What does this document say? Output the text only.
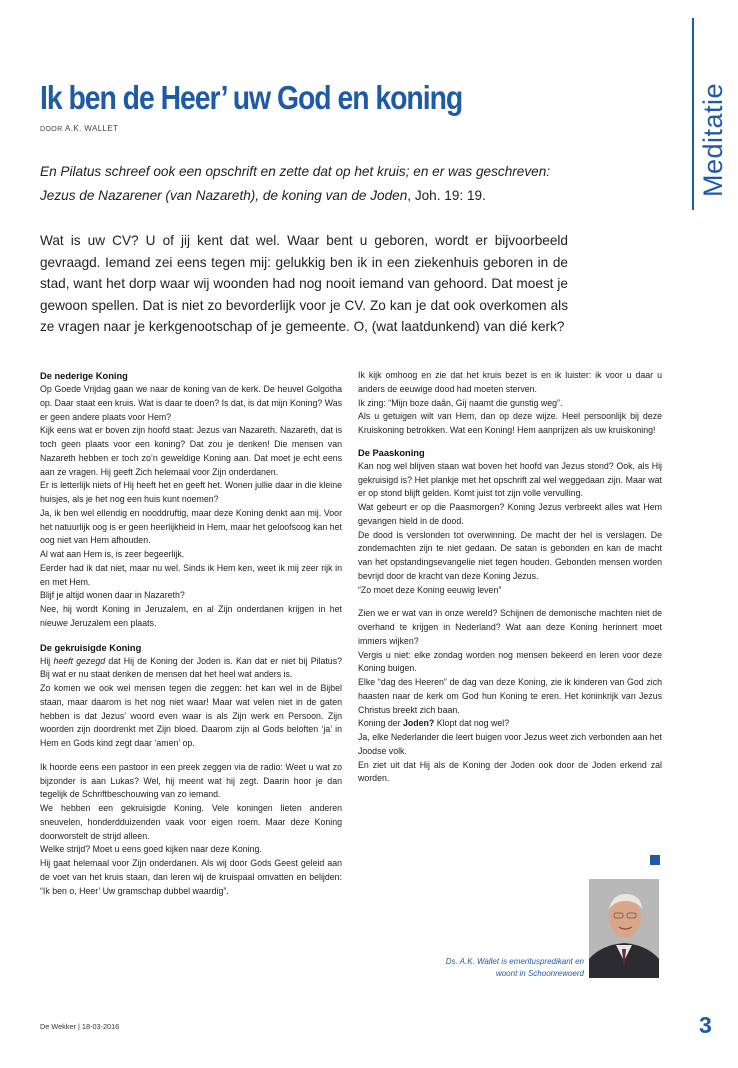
Meditatie
Ik ben de Heer’ uw God en koning
DOOR A.K. WALLET

En Pilatus schreef ook een opschrift en zette dat op het kruis; en er was geschreven: Jezus de Nazarener (van Nazareth), de koning van de Joden, Joh. 19: 19.

Wat is uw CV? U of jij kent dat wel. Waar bent u geboren, wordt er bijvoorbeeld gevraagd. Iemand zei eens tegen mij: gelukkig ben ik in een ziekenhuis geboren in de stad, want het dorp waar wij woonden had nog nooit iemand van gehoord. Dat moest je gewoon spellen. Dat is niet zo bevorderlijk voor je CV. Zo kan je dat ook overkomen als ze vragen naar je kerkgenootschap of je gemeente. O, (wat laatdunkend) van dié kerk?

De nederige Koning

Op Goede Vrijdag gaan we naar de koning van de kerk. De heuvel Golgotha op. Daar staat een kruis. Wat is daar te doen? Is dat, is dat mijn Koning? Was er geen andere plaats voor Hem?

Kijk eens wat er boven zijn hoofd staat: Jezus van Nazareth. Nazareth, dat is toch geen plaats voor een koning? Dat zou je denken! Die mensen van Nazareth hebben er toch zo’n geweldige Koning aan. Dat moet je echt eens aan ze vragen. Hij geeft Zich helemaal voor Zijn onderdanen.

Er is letterlijk niets of Hij heeft het en geeft het. Wonen jullie daar in die kleine huisjes, als je het nog een huis kunt noemen?

Ja, ik ben wel ellendig en nooddruftig, maar deze Koning denkt aan mij. Voor het natuurlijk oog is er geen heerlijkheid in Hem, maar het geloofsoog kan het oog niet van Hem afhouden.

Al wat aan Hem is, is zeer begeerlijk.

Eerder had ik dat niet, maar nu wel. Sinds ik Hem ken, weet ik mij zeer rijk in en met Hem.

Blijf je altijd wonen daar in Nazareth?

Nee, hij wordt Koning in Jeruzalem, en al Zijn onderdanen krijgen in het nieuwe Jeruzalem een plaats.

De gekruisigde Koning

Hij heeft gezegd dat Hij de Koning der Joden is. Kan dat er niet bij Pilatus? Bij wat er nu staat denken de mensen dat het heel wat anders is.

Zo komen we ook wel mensen tegen die zeggen: het kan wel in de Bijbel staan, maar daarom is het nog niet waar! Maar wat velen niet in de gaten hebben is dat Jezus’ woord even waar is als Zijn werk en Persoon. Zijn woorden zijn doordrenkt met Zijn bloed. Daarom zijn al Gods beloften ‘ja’ in Hem en Gods kind zegt daar ‘amen’ op.

Ik hoorde eens een pastoor in een preek zeggen via de radio: Weet u wat zo bijzonder is aan Lukas? Wel, hij meent wat hij zegt. Daarin hoor je dan tegelijk de Schriftbeschouwing van zo iemand.

We hebben een gekruisigde Koning. Vele koningen lieten anderen sneuvelen, honderdduizenden vaak voor eigen roem. Maar deze Koning doorworstelt de strijd alleen.

Welke strijd? Moet u eens goed kijken naar deze Koning.

Hij gaat helemaal voor Zijn onderdanen. Als wij door Gods Geest geleid aan de voet van het kruis staan, dan leren wij de kruispaal omvatten en belijden: “Ik ben o, Heer’ Uw gramschap dubbel waardig”.

Ik kijk omhoog en zie dat het kruis bezet is en ik luister: ik voor u daar u anders de eeuwige dood had moeten sterven.

Ik zing: “Mijn boze daân, Gij naamt die gunstig weg”.

Als u getuigen wilt van Hem, dan op deze wijze. Heel persoonlijk bij deze Kruiskoning betrokken. Wat een Koning! Hem aanprijzen als uw kruiskoning!

De Paaskoning

Kan nog wel blijven staan wat boven het hoofd van Jezus stond? Ook, als Hij gekruisigd is? Het plankje met het opschrift zal wel weggedaan zijn. Maar wat er op stond blijft gelden. Komt juist tot zijn volle vervulling.

Wat gebeurt er op die Paasmorgen? Koning Jezus verbreekt alles wat Hem gevangen hield in de dood.

De dood is verslonden tot overwinning. De macht der hel is verslagen. De zondemachten zijn te niet gedaan. De satan is gebonden en kan de macht van het opstandingsevangelie niet tegen houden. Gebonden mensen worden bevrijd door de kracht van deze Koning Jezus.

“Zo moet deze Koning eeuwig leven”

Zien we er wat van in onze wereld? Schijnen de demonische machten niet de overhand te krijgen in Nederland? Wat aan deze Koning herinnert moet immers wijken?

Vergis u niet: elke zondag worden nog mensen bekeerd en leren voor deze Koning buigen.

Elke “dag des Heeren” de dag van deze Koning, zie ik kinderen van God zich haasten naar de kerk om God hun Koning te eren. Het koninkrijk van Jezus Christus breekt zich baan.

Koning der Joden? Klopt dat nog wel?

Ja, elke Nederlander die leert buigen voor Jezus weet zich verbonden aan het Joodse volk.

En ziet uit dat Hij als de Koning der Joden ook door de Joden erkend zal worden.

Ds. A.K. Wallet is emerituspredikant en
woont in Schoonrewoerd
De Wekker | 18-03-2016	3
